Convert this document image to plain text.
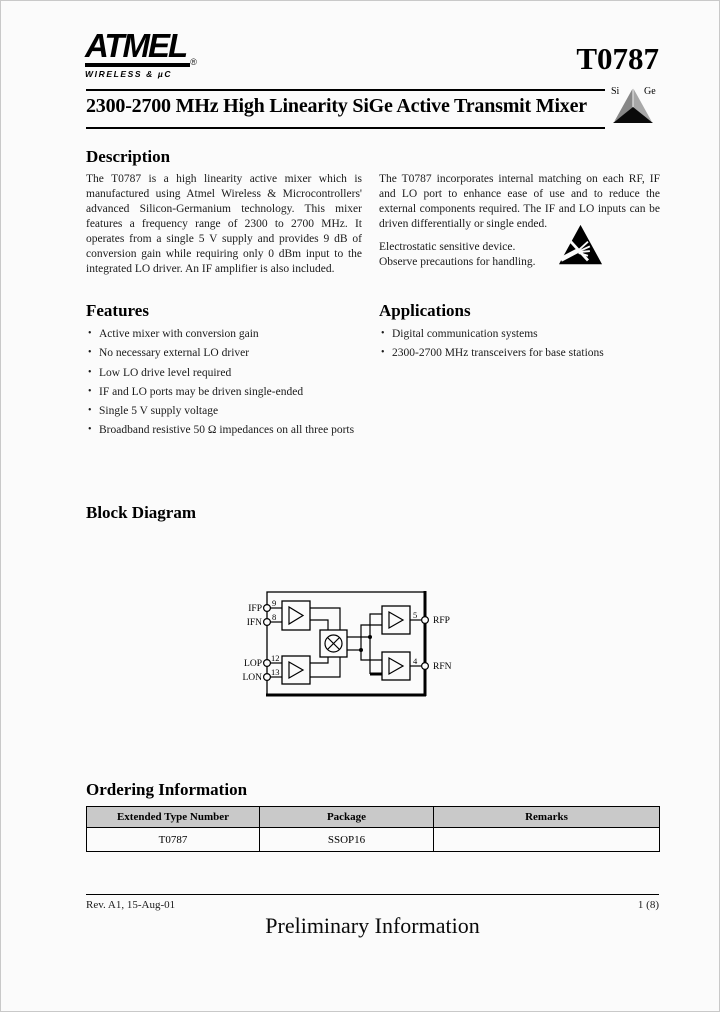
ATMEL ®
WIRELESS & µC	T0787
2300-2700 MHz High Linearity SiGe Active Transmit Mixer
Si Ge
Description
The T0787 is a high linearity active mixer which is manufactured using Atmel Wireless & Microcontrollers' advanced Silicon-Germanium technology. This mixer features a frequency range of 2300 to 2700 MHz. It operates from a single 5 V supply and provides 9 dB of conversion gain while requiring only 0 dBm input to the integrated LO driver. An IF amplifier is also included.
The T0787 incorporates internal matching on each RF, IF and LO port to enhance ease of use and to reduce the external components required. The IF and LO inputs can be driven differentially or single ended.
Electrostatic sensitive device.
Observe precautions for handling.
Features
• Active mixer with conversion gain
• No necessary external LO driver
• Low LO drive level required
• IF and LO ports may be driven single-ended
• Single 5 V supply voltage
• Broadband resistive 50 Ω impedances on all three ports
Applications
• Digital communication systems
• 2300-2700 MHz transceivers for base stations
Block Diagram
IFP
IFN
LOP
LON
RFP
RFN
9
8
12
13
5
4
Ordering Information
Extended Type Number	Package	Remarks
T0787	SSOP16	
Rev. A1, 15-Aug-01	1 (8)
Preliminary Information
